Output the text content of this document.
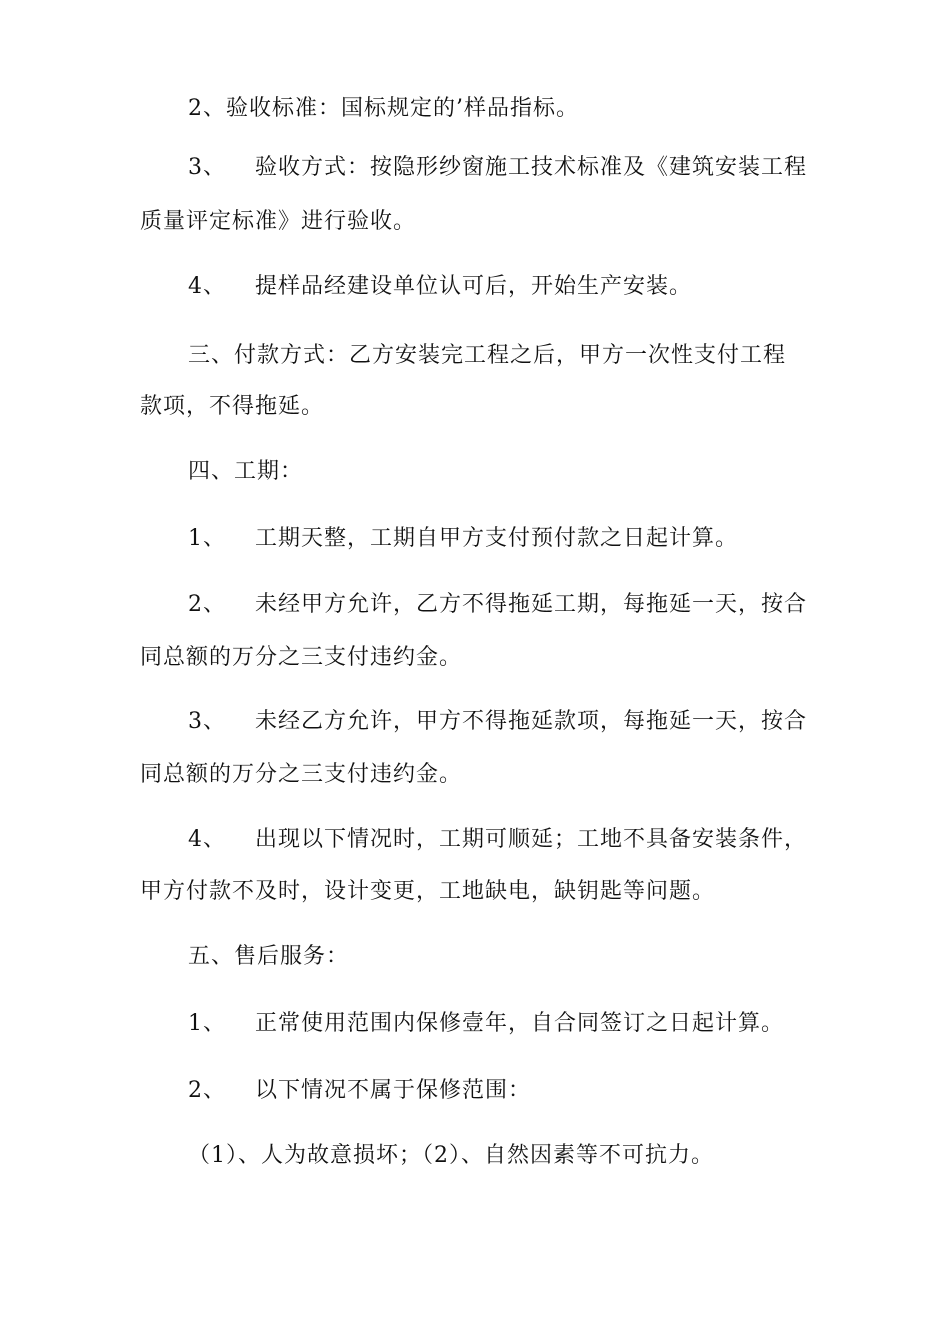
2、验收标准：国标规定的’样品指标。
3、 验收方式：按隐形纱窗施工技术标准及《建筑安装工程
质量评定标准》进行验收。
4、 提样品经建设单位认可后，开始生产安装。
三、付款方式：乙方安装完工程之后，甲方一次性支付工程
款项，不得拖延。
四、工期：
1、 工期天整，工期自甲方支付预付款之日起计算。
2、 未经甲方允许，乙方不得拖延工期，每拖延一天，按合
同总额的万分之三支付违约金。
3、 未经乙方允许，甲方不得拖延款项，每拖延一天，按合
同总额的万分之三支付违约金。
4、 出现以下情况时，工期可顺延；工地不具备安装条件，
甲方付款不及时，设计变更，工地缺电，缺钥匙等问题。
五、售后服务：
1、 正常使用范围内保修壹年，自合同签订之日起计算。
2、 以下情况不属于保修范围：
（1）、人为故意损坏；（2）、自然因素等不可抗力。
